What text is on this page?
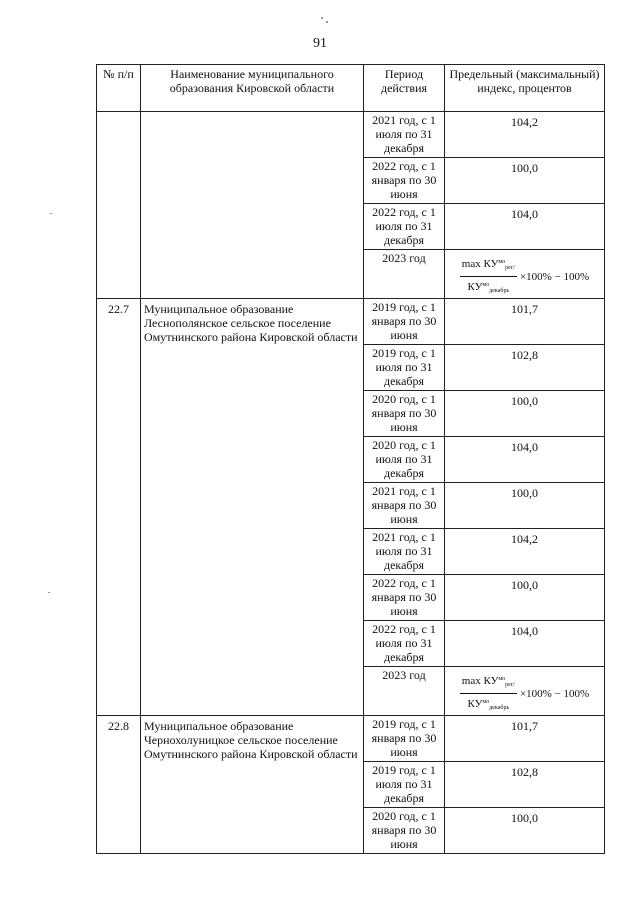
91
№ п/п	Наименование муниципального образования Кировской области	Период действия	Предельный (максимальный) индекс, процентов
		2021 год, с 1 июля по 31 декабря	104,2
		2022 год, с 1 января по 30 июня	100,0
		2022 год, с 1 июля по 31 декабря	104,0
		2023 год	$\frac{\max КУ^{мо}_{рег/}}{КУ^{мо}_{декабрь}} \times 100\% - 100\%$

22.7	Муниципальное образование Леснополянское сельское поселение Омутнинского района Кировской области	2019 год, с 1 января по 30 июня	101,7
		2019 год, с 1 июля по 31 декабря	102,8
		2020 год, с 1 января по 30 июня	100,0
		2020 год, с 1 июля по 31 декабря	104,0
		2021 год, с 1 января по 30 июня	100,0
		2021 год, с 1 июля по 31 декабря	104,2
		2022 год, с 1 января по 30 июня	100,0
		2022 год, с 1 июля по 31 декабря	104,0
		2023 год	$\frac{\max КУ^{мо}_{рег/}}{КУ^{мо}_{декабрь}} \times 100\% - 100\%$

22.8	Муниципальное образование Чернохолуницкое сельское поселение Омутнинского района Кировской области	2019 год, с 1 января по 30 июня	101,7
		2019 год, с 1 июля по 31 декабря	102,8
		2020 год, с 1 января по 30 июня	100,0
